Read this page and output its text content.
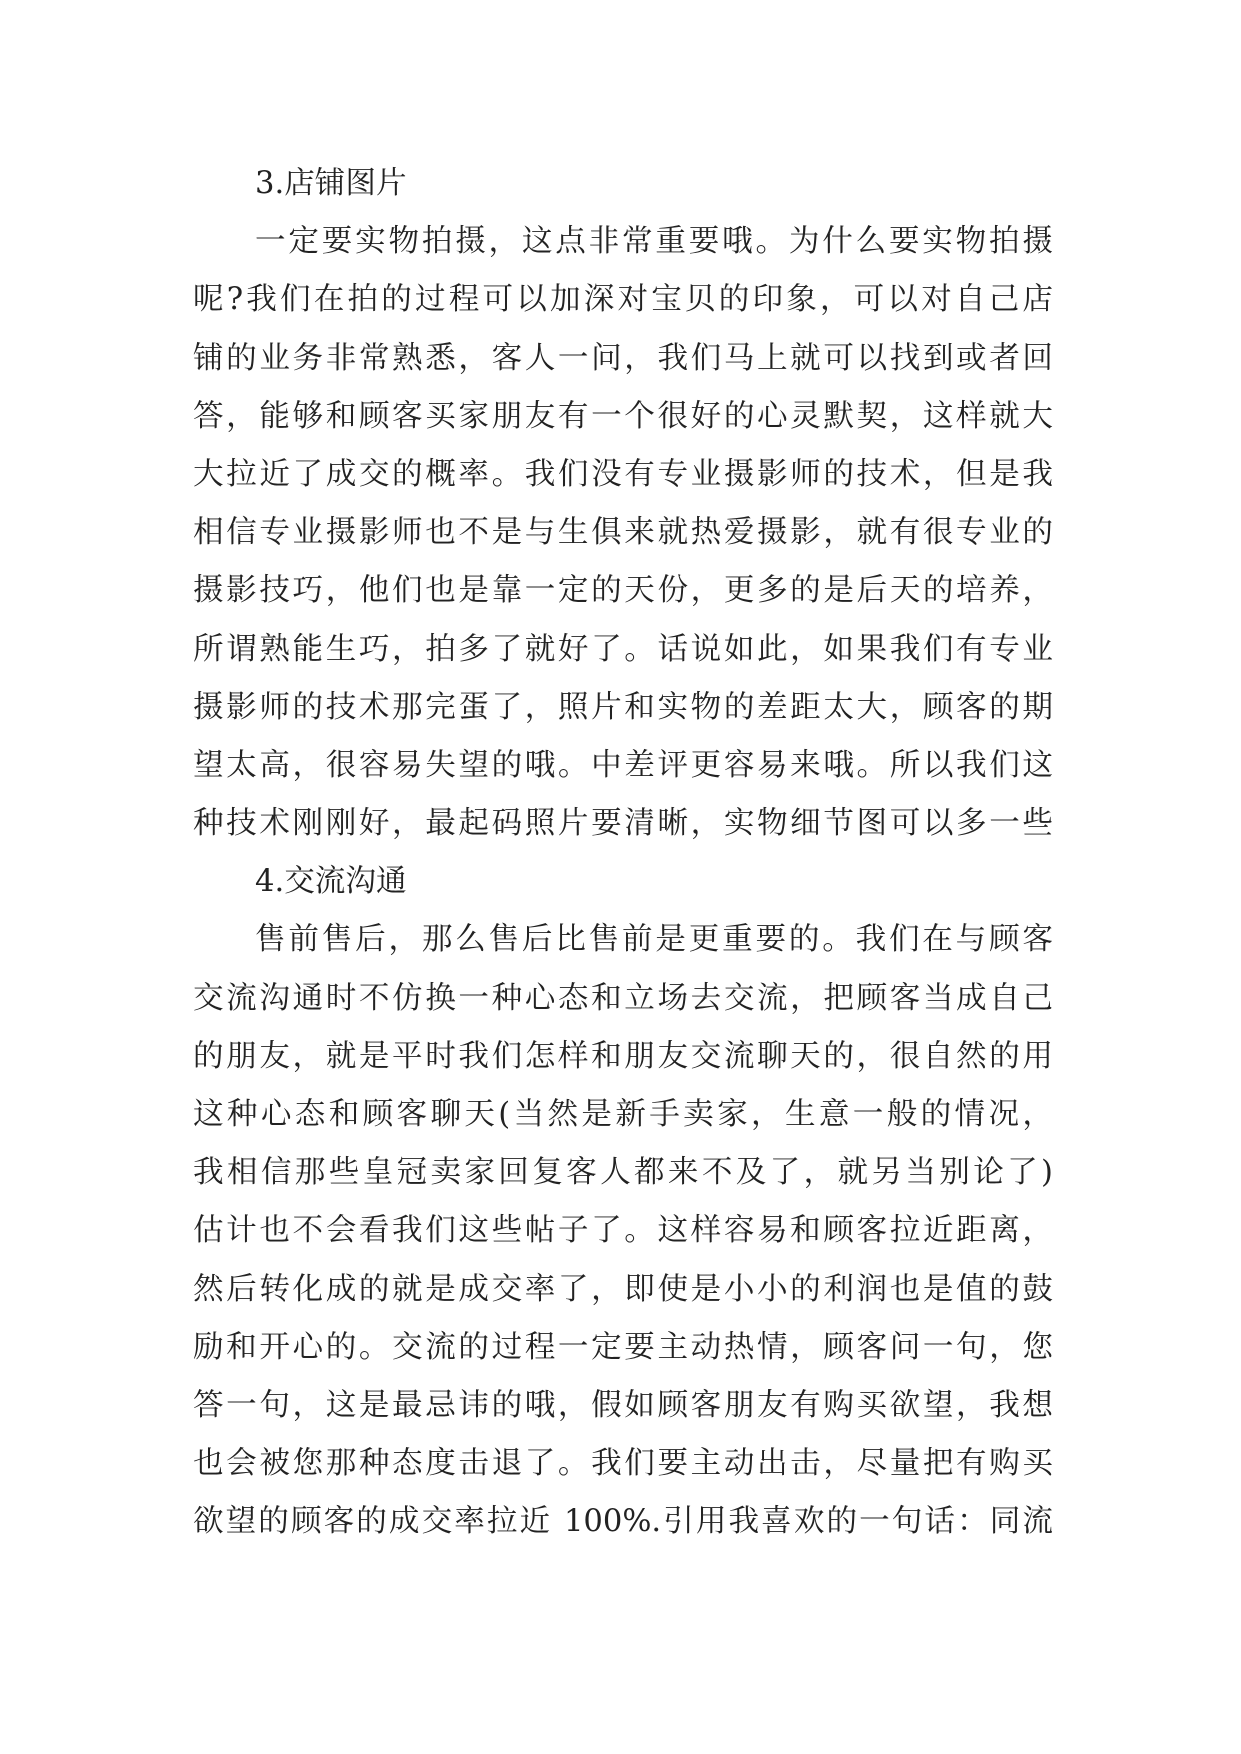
3.店铺图片
一定要实物拍摄，这点非常重要哦。为什么要实物拍摄
呢?我们在拍的过程可以加深对宝贝的印象，可以对自己店
铺的业务非常熟悉，客人一问，我们马上就可以找到或者回
答，能够和顾客买家朋友有一个很好的心灵默契，这样就大
大拉近了成交的概率。我们没有专业摄影师的技术，但是我
相信专业摄影师也不是与生俱来就热爱摄影，就有很专业的
摄影技巧，他们也是靠一定的天份，更多的是后天的培养，
所谓熟能生巧，拍多了就好了。话说如此，如果我们有专业
摄影师的技术那完蛋了，照片和实物的差距太大，顾客的期
望太高，很容易失望的哦。中差评更容易来哦。所以我们这
种技术刚刚好，最起码照片要清晰，实物细节图可以多一些
4.交流沟通
售前售后，那么售后比售前是更重要的。我们在与顾客
交流沟通时不仿换一种心态和立场去交流，把顾客当成自己
的朋友，就是平时我们怎样和朋友交流聊天的，很自然的用
这种心态和顾客聊天(当然是新手卖家，生意一般的情况，
我相信那些皇冠卖家回复客人都来不及了，就另当别论了)
估计也不会看我们这些帖子了。这样容易和顾客拉近距离，
然后转化成的就是成交率了，即使是小小的利润也是值的鼓
励和开心的。交流的过程一定要主动热情，顾客问一句，您
答一句，这是最忌讳的哦，假如顾客朋友有购买欲望，我想
也会被您那种态度击退了。我们要主动出击，尽量把有购买
欲望的顾客的成交率拉近 100%.引用我喜欢的一句话：同流
